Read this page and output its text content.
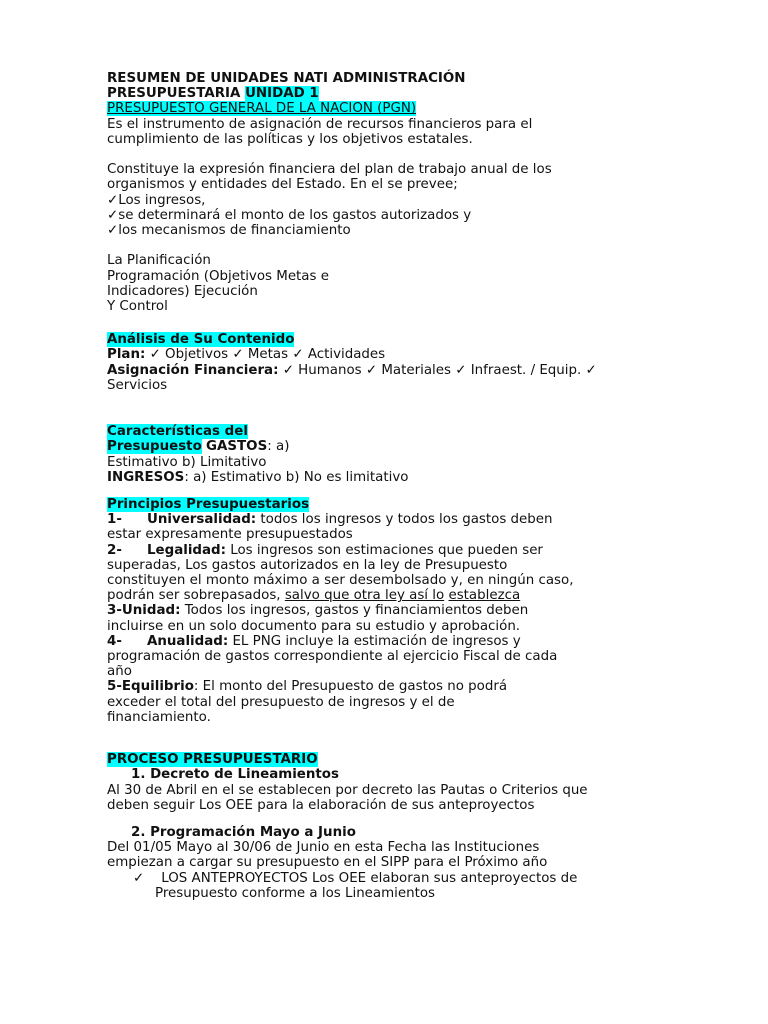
RESUMEN DE UNIDADES NATI ADMINISTRACIÓN
PRESUPUESTARIA UNIDAD 1
PRESUPUESTO GENERAL DE LA NACION (PGN)
Es el instrumento de asignación de recursos financieros para el
cumplimiento de las políticas y los objetivos estatales.
Constituye la expresión financiera del plan de trabajo anual de los
organismos y entidades del Estado. En el se prevee;
✓Los ingresos,
✓se determinará el monto de los gastos autorizados y
✓los mecanismos de financiamiento
La Planificación
Programación (Objetivos Metas e
Indicadores) Ejecución
Y Control
Análisis de Su Contenido
Plan: ✓ Objetivos ✓ Metas ✓ Actividades
Asignación Financiera: ✓ Humanos ✓ Materiales ✓ Infraest. / Equip. ✓
Servicios
Características del
Presupuesto GASTOS: a)
Estimativo b) Limitativo
INGRESOS: a) Estimativo b) No es limitativo
Principios Presupuestarios
1- Universalidad: todos los ingresos y todos los gastos deben
estar expresamente presupuestados
2- Legalidad: Los ingresos son estimaciones que pueden ser
superadas, Los gastos autorizados en la ley de Presupuesto
constituyen el monto máximo a ser desembolsado y, en ningún caso,
podrán ser sobrepasados, salvo que otra ley así lo establezca
3-Unidad: Todos los ingresos, gastos y financiamientos deben
incluirse en un solo documento para su estudio y aprobación.
4- Anualidad: EL PNG incluye la estimación de ingresos y
programación de gastos correspondiente al ejercicio Fiscal de cada
año
5-Equilibrio: El monto del Presupuesto de gastos no podrá
exceder el total del presupuesto de ingresos y el de
financiamiento.
PROCESO PRESUPUESTARIO
1. Decreto de Lineamientos
Al 30 de Abril en el se establecen por decreto las Pautas o Criterios que
deben seguir Los OEE para la elaboración de sus anteproyectos
2. Programación Mayo a Junio
Del 01/05 Mayo al 30/06 de Junio en esta Fecha las Instituciones
empiezan a cargar su presupuesto en el SIPP para el Próximo año
✓ LOS ANTEPROYECTOS Los OEE elaboran sus anteproyectos de
Presupuesto conforme a los Lineamientos
